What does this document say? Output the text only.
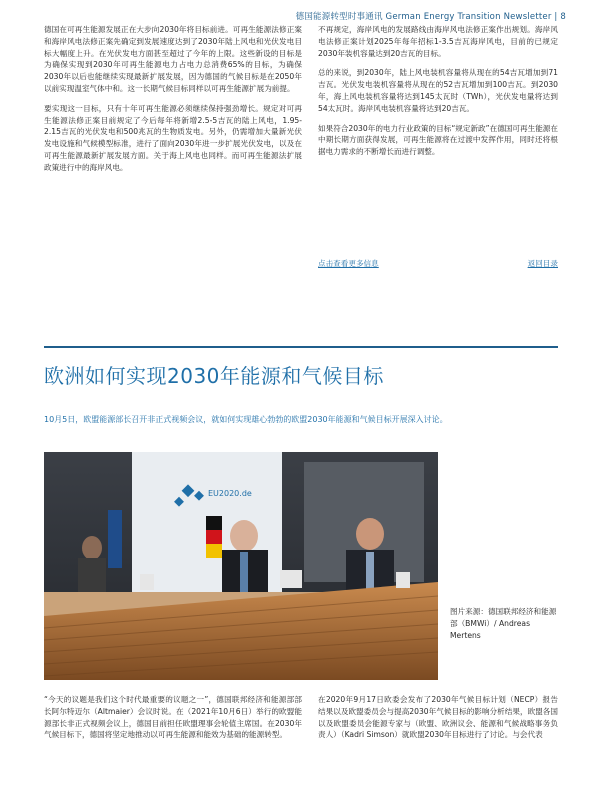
德国能源转型时事通讯 German Energy Transition Newsletter | 8

德国在可再生能源发展正在大步向2030年将目标前进。可再生能源法修正案和海岸风电法修正案先确定到发展速度达到了2030年陆上风电和光伏发电目标大幅度上升。在光伏发电方面甚至超过了今年的上限。这些新设的目标是为确保实现到2030年可再生能源电力占电力总消费65%的目标，为确保2030年以后也能继续实现最新扩展发展，因为德国的气候目标是在2050年以前实现温室气体中和。这一长期气候目标同样以可再生能源扩展为前提。

要实现这一目标，只有十年可再生能源必须继续保持强劲增长。规定对可再生能源法修正案目前规定了今后每年将新增2.5-5吉瓦的陆上风电，1.95-2.15吉瓦的光伏发电和500兆瓦的生物质发电。另外，仍需增加大量新光伏发电设施和气候模型标准，进行了面向2030年进一步扩展光伏发电，以及在可再生能源最新扩展发展方面。关于海上风电也同样。而可再生能源法扩展政策进行中的海岸风电。

不再规定，海岸风电的发展路线由海岸风电法修正案作出规划。海岸风电法修正案计划2025年每年招标1-3.5吉瓦海岸风电，目前的已规定2030年装机容量达到20吉瓦的目标。

总的来说，到2030年，陆上风电装机容量将从现在的54吉瓦增加到71吉瓦。光伏发电装机容量将从现在的52吉瓦增加到100吉瓦。到2030年，海上风电装机容量将达到145太瓦时（TWh），光伏发电量将达到54太瓦时。海岸风电装机容量将达到20吉瓦。

如果符合2030年的电力行业政策的目标“规定新政”在德国可再生能源在中期长期方面获得发展，可再生能源将在过渡中发挥作用，同时还将根据电力需求的不断增长而进行调整。

点击查看更多信息	返回目录
欧洲如何实现2030年能源和气候目标
10月5日，欧盟能源部长召开非正式视频会议，就如何实现雄心勃勃的欧盟2030年能源和气候目标开展深入讨论。
EU2020.de
图片来源：德国联邦经济和能源部（BMWi）/ Andreas Mertens

“今天的议题是我们这个时代最重要的议题之一”，德国联邦经济和能源部部长阿尔特迈尔（Altmaier）会议时说。在（2021年10月6日）举行的欧盟能源部长非正式视频会议上，德国目前担任欧盟理事会轮值主席国。在2030年气候目标下，德国将坚定地推动以可再生能源和能效为基础的能源转型。

在2020年9月17日欧委会发布了2030年气候目标计划（NECP）报告结果以及欧盟委员会与提高2030年气候目标的影响分析结果，欧盟各国以及欧盟委员会能源专家与（欧盟、欧洲议会、能源和气候战略事务负责人）（Kadri Simson）就欧盟2030年目标进行了讨论。与会代表
